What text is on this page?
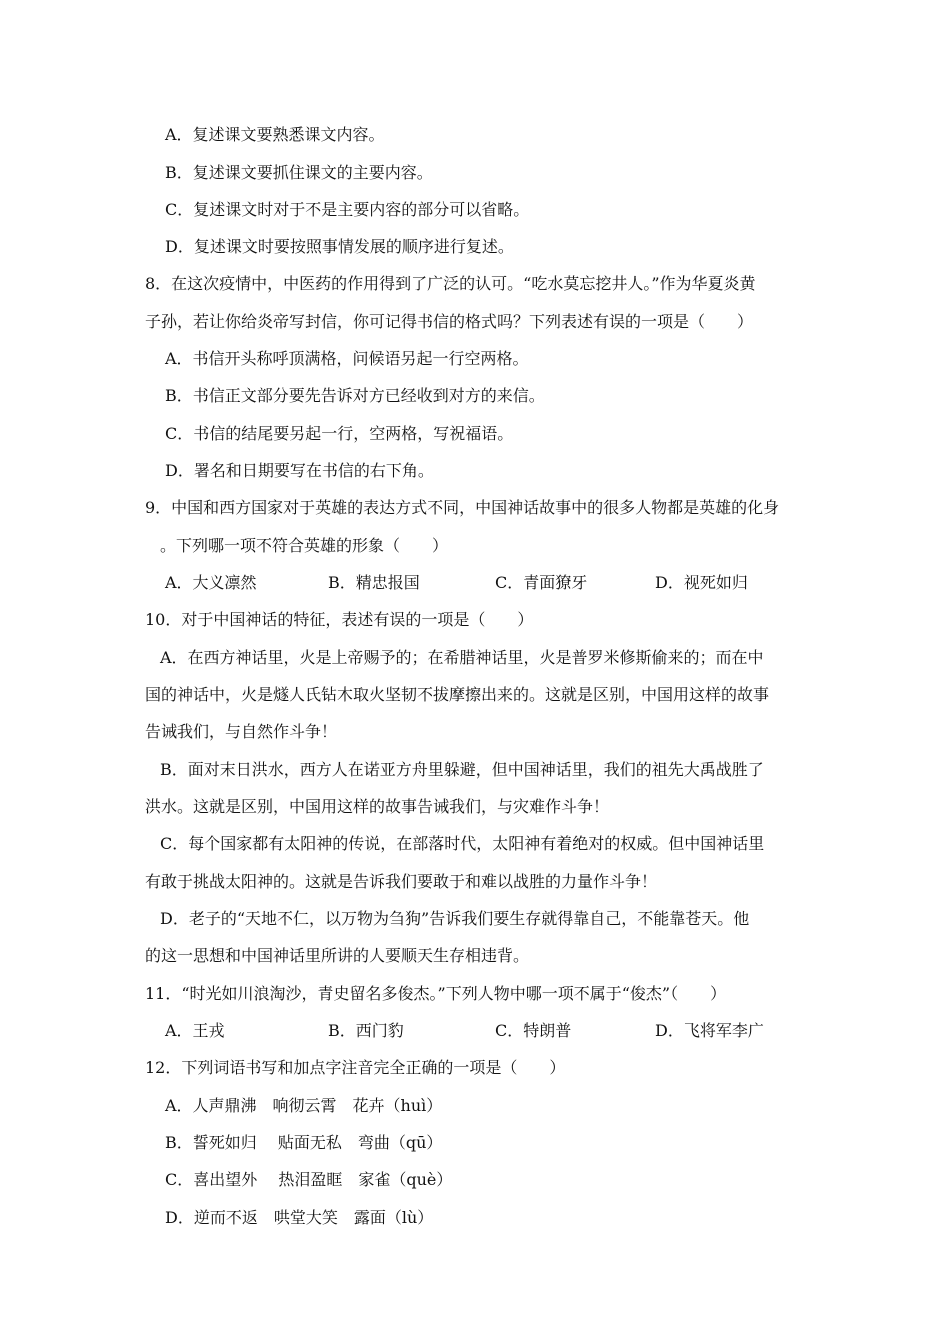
A．复述课文要熟悉课文内容。
B．复述课文要抓住课文的主要内容。
C．复述课文时对于不是主要内容的部分可以省略。
D．复述课文时要按照事情发展的顺序进行复述。
8．在这次疫情中，中医药的作用得到了广泛的认可。“吃水莫忘挖井人。”作为华夏炎黄
子孙，若让你给炎帝写封信，你可记得书信的格式吗？下列表述有误的一项是（　　）
A．书信开头称呼顶满格，问候语另起一行空两格。
B．书信正文部分要先告诉对方已经收到对方的来信。
C．书信的结尾要另起一行，空两格，写祝福语。
D．署名和日期要写在书信的右下角。
9．中国和西方国家对于英雄的表达方式不同，中国神话故事中的很多人物都是英雄的化身
。下列哪一项不符合英雄的形象（　　）
A．大义凛然	B．精忠报国	C．青面獠牙	D．视死如归
10．对于中国神话的特征，表述有误的一项是（　　）
A．在西方神话里，火是上帝赐予的；在希腊神话里，火是普罗米修斯偷来的；而在中
国的神话中，火是燧人氏钻木取火坚韧不拔摩擦出来的。这就是区别，中国用这样的故事
告诫我们，与自然作斗争！
B．面对末日洪水，西方人在诺亚方舟里躲避，但中国神话里，我们的祖先大禹战胜了
洪水。这就是区别，中国用这样的故事告诫我们，与灾难作斗争！
C．每个国家都有太阳神的传说，在部落时代，太阳神有着绝对的权威。但中国神话里
有敢于挑战太阳神的。这就是告诉我们要敢于和难以战胜的力量作斗争！
D．老子的“天地不仁，以万物为刍狗”告诉我们要生存就得靠自己，不能靠苍天。他
的这一思想和中国神话里所讲的人要顺天生存相违背。
11．“时光如川浪淘沙，青史留名多俊杰。”下列人物中哪一项不属于“俊杰”（　　）
A．王戎	B．西门豹	C．特朗普	D．飞将军李广
12．下列词语书写和加点字注音完全正确的一项是（　　）
A．人声鼎沸　响彻云霄　花卉（huì）
B．誓死如归　 贴面无私　弯曲（qū）
C．喜出望外　 热泪盈眶　家雀（què）
D．逆而不返　哄堂大笑　露面（lù）
